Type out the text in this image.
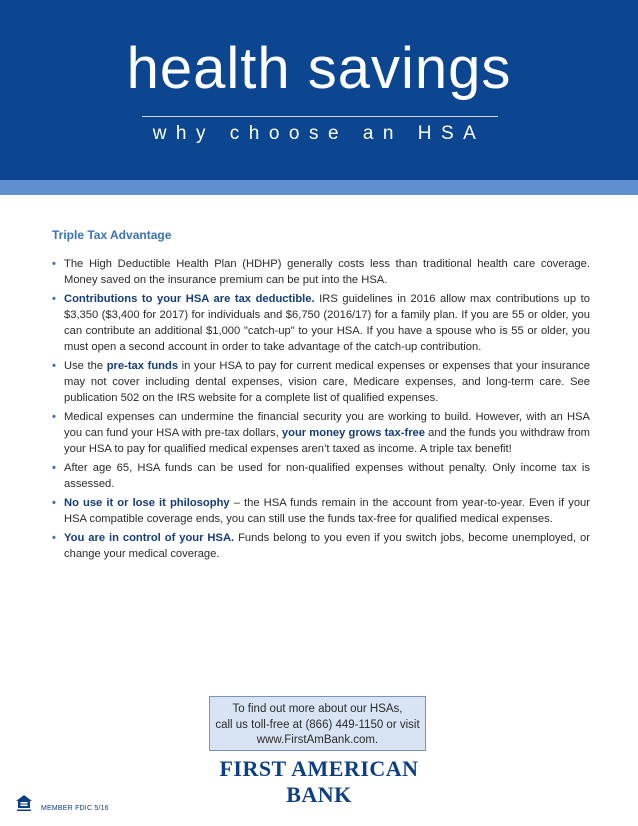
health savings
why choose an HSA
Triple Tax Advantage
• The High Deductible Health Plan (HDHP) generally costs less than traditional health care coverage. Money saved on the insurance premium can be put into the HSA.
• Contributions to your HSA are tax deductible. IRS guidelines in 2016 allow max contributions up to $3,350 ($3,400 for 2017) for individuals and $6,750 (2016/17) for a family plan. If you are 55 or older, you can contribute an additional $1,000 "catch-up" to your HSA. If you have a spouse who is 55 or older, you must open a second account in order to take advantage of the catch-up contribution.
• Use the pre-tax funds in your HSA to pay for current medical expenses or expenses that your insurance may not cover including dental expenses, vision care, Medicare expenses, and long-term care. See publication 502 on the IRS website for a complete list of qualified expenses.
• Medical expenses can undermine the financial security you are working to build. However, with an HSA you can fund your HSA with pre-tax dollars, your money grows tax-free and the funds you withdraw from your HSA to pay for qualified medical expenses aren’t taxed as income. A triple tax benefit!
• After age 65, HSA funds can be used for non-qualified expenses without penalty. Only income tax is assessed.
• No use it or lose it philosophy – the HSA funds remain in the account from year-to-year. Even if your HSA compatible coverage ends, you can still use the funds tax-free for qualified medical expenses.
• You are in control of your HSA. Funds belong to you even if you switch jobs, become unemployed, or change your medical coverage.
To find out more about our HSAs,
call us toll-free at (866) 449-1150 or visit
www.FirstAmBank.com.
FIRST AMERICAN BANK
MEMBER FDIC 5/16
